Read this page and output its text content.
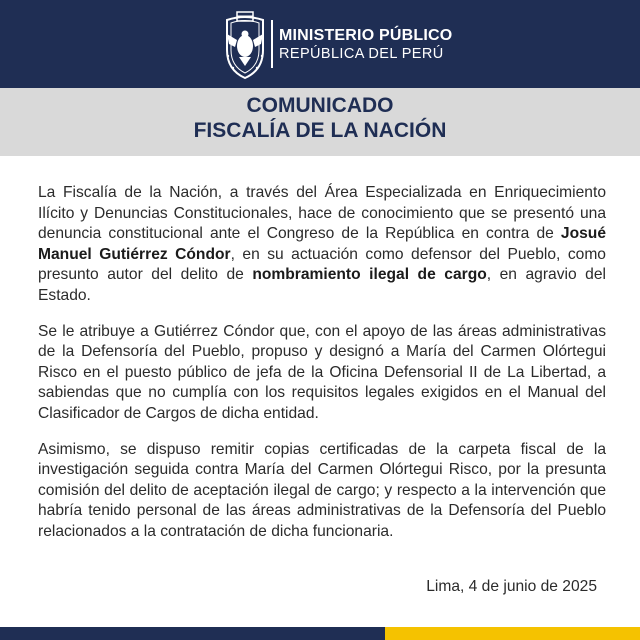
MINISTERIO PÚBLICO
REPÚBLICA DEL PERÚ
COMUNICADO
FISCALÍA DE LA NACIÓN

La Fiscalía de la Nación, a través del Área Especializada en Enriquecimiento Ilícito y Denuncias Constitucionales, hace de conocimiento que se presentó una denuncia constitucional ante el Congreso de la República en contra de Josué Manuel Gutiérrez Cóndor, en su actuación como defensor del Pueblo, como presunto autor del delito de nombramiento ilegal de cargo, en agravio del Estado.

Se le atribuye a Gutiérrez Cóndor que, con el apoyo de las áreas administrativas de la Defensoría del Pueblo, propuso y designó a María del Carmen Olórtegui Risco en el puesto público de jefa de la Oficina Defensorial II de La Libertad, a sabiendas que no cumplía con los requisitos legales exigidos en el Manual del Clasificador de Cargos de dicha entidad.

Asimismo, se dispuso remitir copias certificadas de la carpeta fiscal de la investigación seguida contra María del Carmen Olórtegui Risco, por la presunta comisión del delito de aceptación ilegal de cargo; y respecto a la intervención que habría tenido personal de las áreas administrativas de la Defensoría del Pueblo relacionados a la contratación de dicha funcionaria.

Lima, 4 de junio de 2025
